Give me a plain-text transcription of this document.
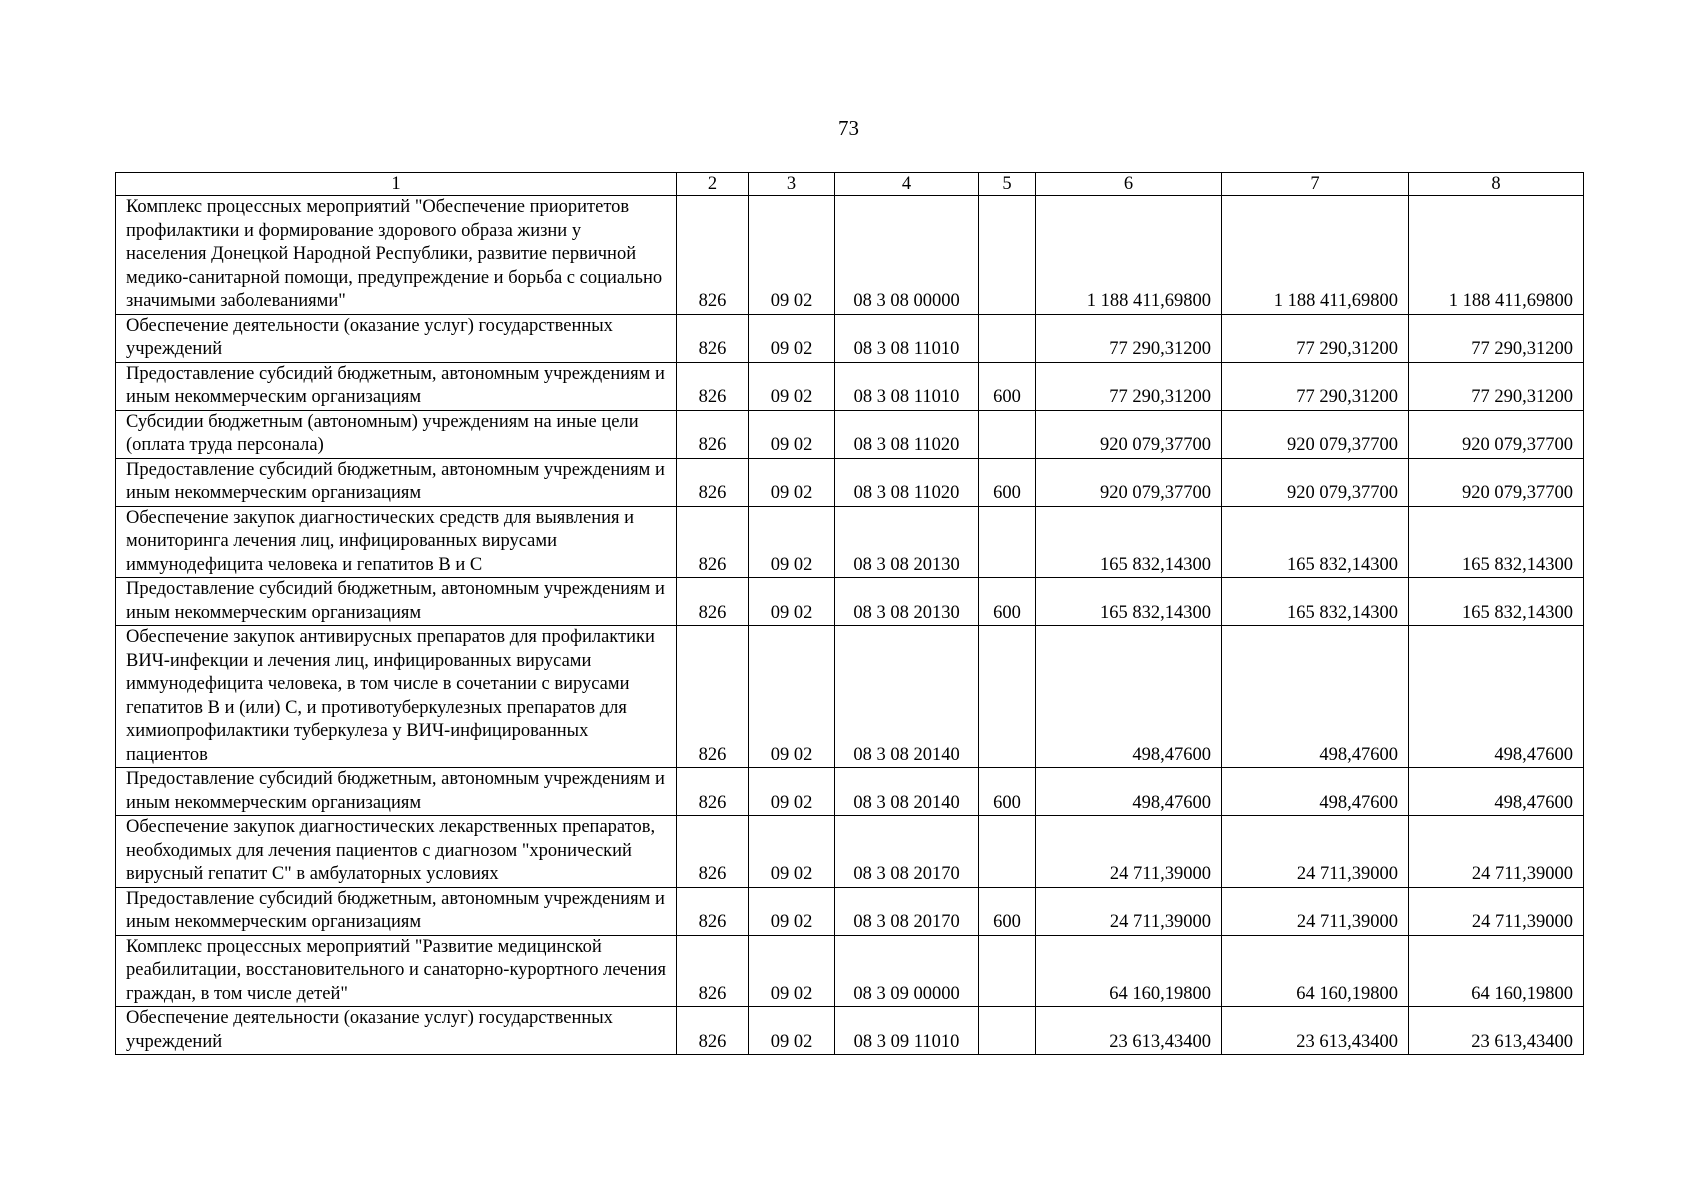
73
1	2	3	4	5	6	7	8
Комплекс процессных мероприятий "Обеспечение приоритетов профилактики и формирование здорового образа жизни у населения Донецкой Народной Республики, развитие первичной медико-санитарной помощи, предупреждение и борьба с социально значимыми заболеваниями"	826	09 02	08 3 08 00000		1 188 411,69800	1 188 411,69800	1 188 411,69800
Обеспечение деятельности (оказание услуг) государственных учреждений	826	09 02	08 3 08 11010		77 290,31200	77 290,31200	77 290,31200
Предоставление субсидий бюджетным, автономным учреждениям и иным некоммерческим организациям	826	09 02	08 3 08 11010	600	77 290,31200	77 290,31200	77 290,31200
Субсидии бюджетным (автономным) учреждениям на иные цели (оплата труда персонала)	826	09 02	08 3 08 11020		920 079,37700	920 079,37700	920 079,37700
Предоставление субсидий бюджетным, автономным учреждениям и иным некоммерческим организациям	826	09 02	08 3 08 11020	600	920 079,37700	920 079,37700	920 079,37700
Обеспечение закупок диагностических средств для выявления и мониторинга лечения лиц, инфицированных вирусами иммунодефицита человека и гепатитов B и C	826	09 02	08 3 08 20130		165 832,14300	165 832,14300	165 832,14300
Предоставление субсидий бюджетным, автономным учреждениям и иным некоммерческим организациям	826	09 02	08 3 08 20130	600	165 832,14300	165 832,14300	165 832,14300
Обеспечение закупок антивирусных препаратов для профилактики ВИЧ-инфекции и лечения лиц, инфицированных вирусами иммунодефицита человека, в том числе в сочетании с вирусами гепатитов B и (или) C, и противотуберкулезных препаратов для химиопрофилактики туберкулеза у ВИЧ-инфицированных пациентов	826	09 02	08 3 08 20140		498,47600	498,47600	498,47600
Предоставление субсидий бюджетным, автономным учреждениям и иным некоммерческим организациям	826	09 02	08 3 08 20140	600	498,47600	498,47600	498,47600
Обеспечение закупок диагностических лекарственных препаратов, необходимых для лечения пациентов с диагнозом "хронический вирусный гепатит C" в амбулаторных условиях	826	09 02	08 3 08 20170		24 711,39000	24 711,39000	24 711,39000
Предоставление субсидий бюджетным, автономным учреждениям и иным некоммерческим организациям	826	09 02	08 3 08 20170	600	24 711,39000	24 711,39000	24 711,39000
Комплекс процессных мероприятий "Развитие медицинской реабилитации, восстановительного и санаторно-курортного лечения граждан, в том числе детей"	826	09 02	08 3 09 00000		64 160,19800	64 160,19800	64 160,19800
Обеспечение деятельности (оказание услуг) государственных учреждений	826	09 02	08 3 09 11010		23 613,43400	23 613,43400	23 613,43400
